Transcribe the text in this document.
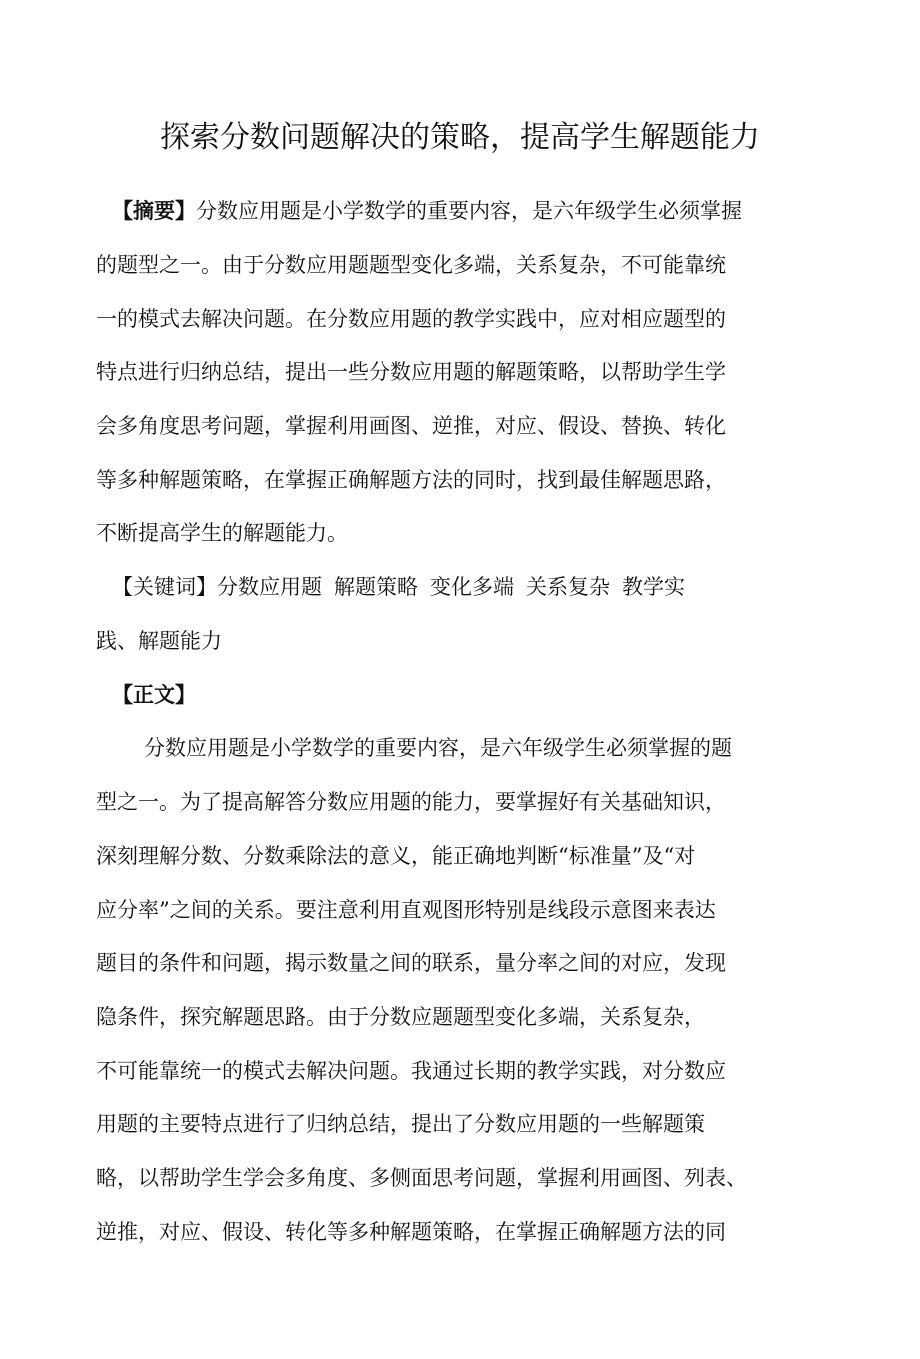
探索分数问题解决的策略，提高学生解题能力
【摘要】分数应用题是小学数学的重要内容，是六年级学生必须掌握
的题型之一。由于分数应用题题型变化多端，关系复杂，不可能靠统
一的模式去解决问题。在分数应用题的教学实践中，应对相应题型的
特点进行归纳总结，提出一些分数应用题的解题策略，以帮助学生学
会多角度思考问题，掌握利用画图、逆推，对应、假设、替换、转化
等多种解题策略，在掌握正确解题方法的同时，找到最佳解题思路，
不断提高学生的解题能力。
【关键词】分数应用题 解题策略 变化多端 关系复杂 教学实
践、解题能力
【正文】
分数应用题是小学数学的重要内容，是六年级学生必须掌握的题
型之一。为了提高解答分数应用题的能力，要掌握好有关基础知识，
深刻理解分数、分数乘除法的意义，能正确地判断“标准量”及“对
应分率”之间的关系。要注意利用直观图形特别是线段示意图来表达
题目的条件和问题，揭示数量之间的联系，量分率之间的对应，发现
隐条件，探究解题思路。由于分数应题题型变化多端，关系复杂，
不可能靠统一的模式去解决问题。我通过长期的教学实践，对分数应
用题的主要特点进行了归纳总结，提出了分数应用题的一些解题策
略，以帮助学生学会多角度、多侧面思考问题，掌握利用画图、列表、
逆推，对应、假设、转化等多种解题策略，在掌握正确解题方法的同
